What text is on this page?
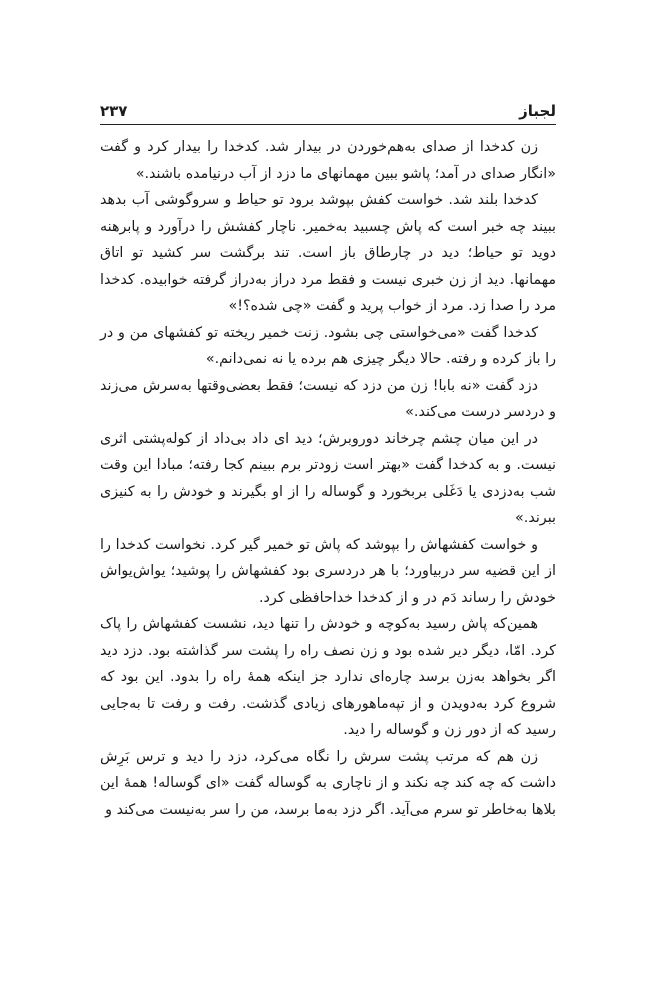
لجباز
۲۳۷

زن کدخدا از صدای به‌هم‌خوردن در بیدار شد. کدخدا را بیدار کرد و گفت «انگار صدای در آمد؛ پاشو ببین مهمانهای ما دزد از آب درنیامده باشند.»

کدخدا بلند شد. خواست کفش بپوشد برود تو حیاط و سروگوشی آب بدهد ببیند چه خبر است که پاش چسبید به‌خمیر. ناچار کفشش را درآورد و پابرهنه دوید تو حیاط؛ دید در چارطاق باز است. تند برگشت سر کشید تو اتاق مهمانها. دید از زن خبری نیست و فقط مرد دراز به‌دراز گرفته خوابیده. کدخدا مرد را صدا زد. مرد از خواب پرید و گفت «چی شده؟!»

کدخدا گفت «می‌خواستی چی بشود. زنت خمیر ریخته تو کفشهای من و در را باز کرده و رفته. حالا دیگر چیزی هم برده یا نه نمی‌دانم.»

دزد گفت «نه بابا! زن من دزد که نیست؛ فقط بعضی‌وقتها به‌سرش می‌زند و دردسر درست می‌کند.»

در این میان چشم چرخاند دوروبرش؛ دید ای داد بی‌داد از کوله‌پشتی اثری نیست. و به کدخدا گفت «بهتر است زودتر برم ببینم کجا رفته؛ مبادا این وقت شب به‌دزدی یا دَغَلی بربخورد و گوساله را از او بگیرند و خودش را به کنیزی ببرند.»

و خواست کفشهاش را بپوشد که پاش تو خمیر گیر کرد. نخواست کدخدا را از این قضیه سر دربیاورد؛ با هر دردسری بود کفشهاش را پوشید؛ یواش‌یواش خودش را رساند دَم در و از کدخدا خداحافظی کرد.

همین‌که پاش رسید به‌کوچه و خودش را تنها دید، نشست کفشهاش را پاک کرد. امّا، دیگر دیر شده بود و زن نصف راه را پشت سر گذاشته بود. دزد دید اگر بخواهد به‌زن برسد چاره‌ای ندارد جز اینکه همهٔ راه را بدود. این بود که شروع کرد به‌دویدن و از تپه‌ماهورهای زیادی گذشت. رفت و رفت تا به‌جایی رسید که از دور زن و گوساله را دید.

زن هم که مرتب پشت سرش را نگاه می‌کرد، دزد را دید و ترس بَرِش داشت که چه کند چه نکند و از ناچاری به گوساله گفت «ای گوساله! همهٔ این بلاها به‌خاطر تو سرم می‌آید. اگر دزد به‌ما برسد، من را سر به‌نیست می‌کند و
